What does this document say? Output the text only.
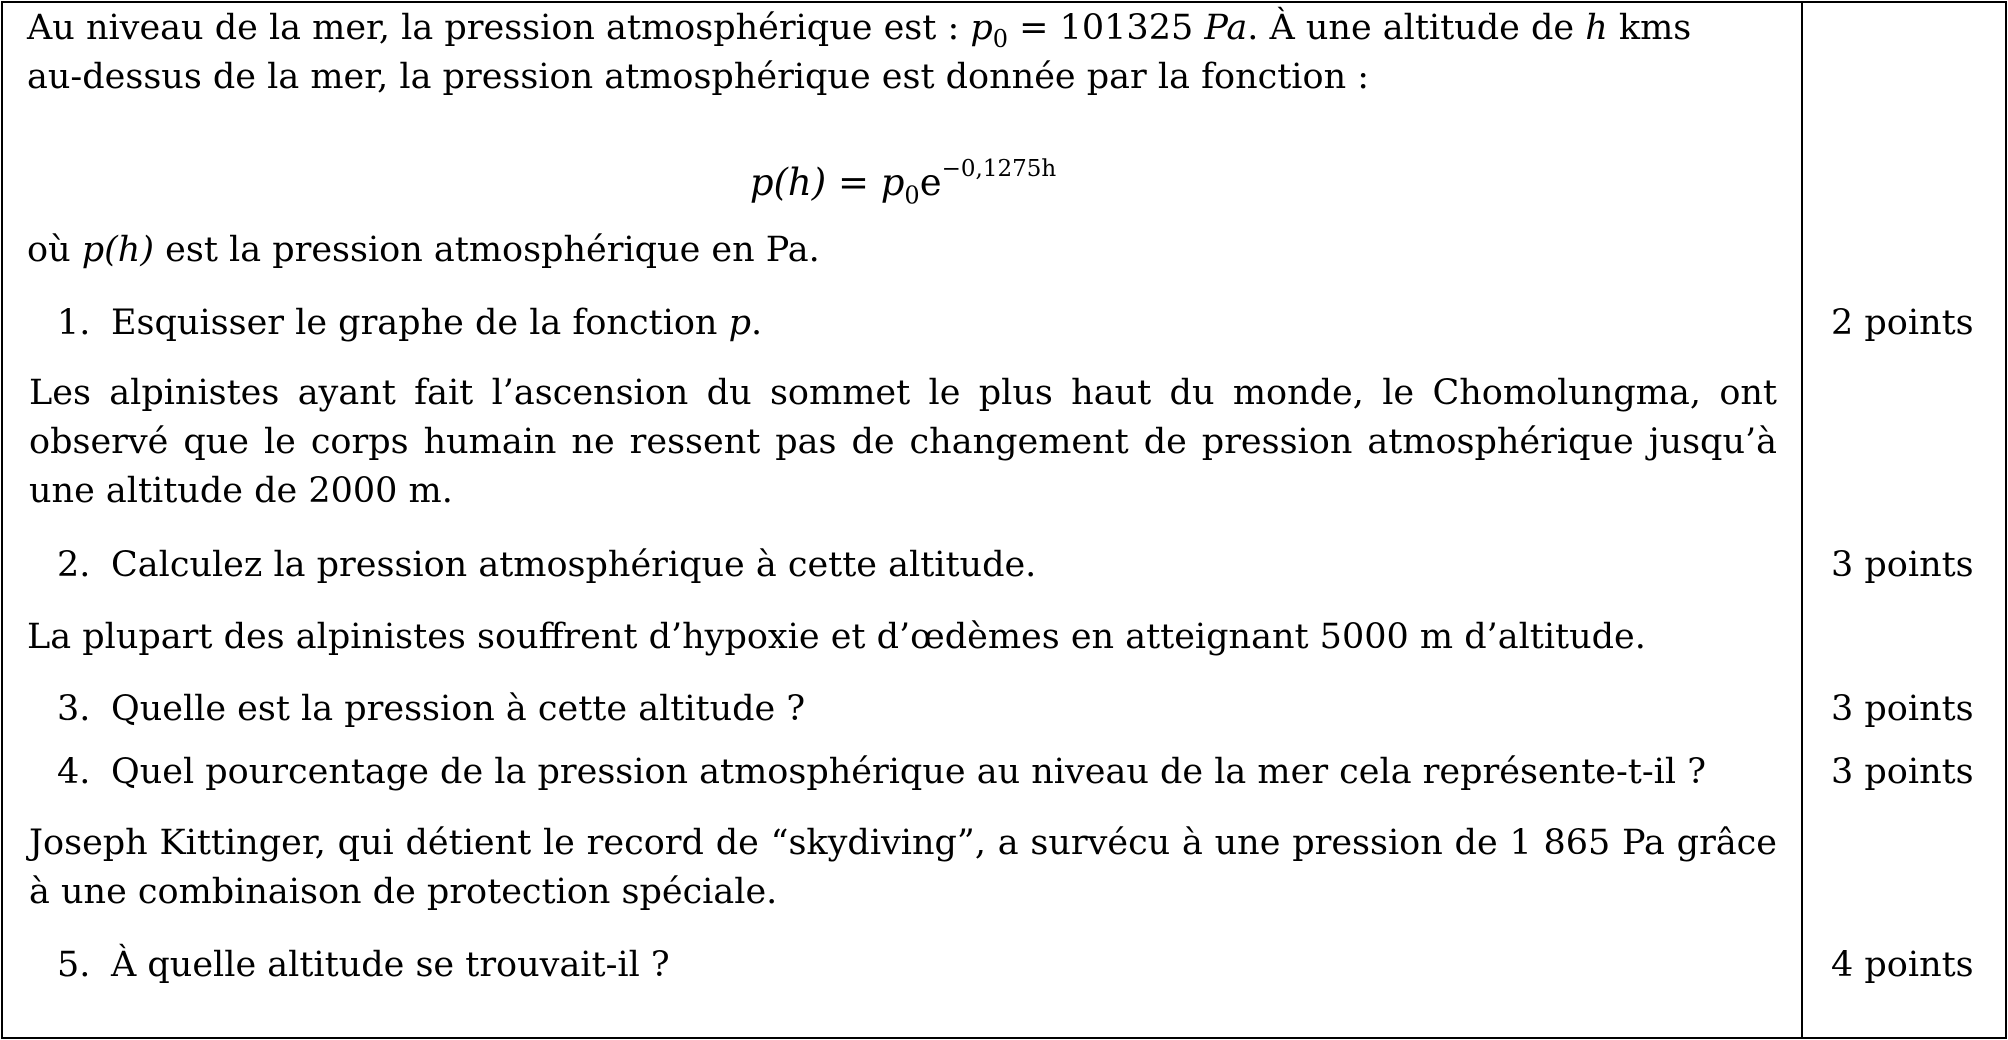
Au niveau de la mer, la pression atmosphérique est : $p_0 = 101325$ Pa. À une altitude de h kms
au-dessus de la mer, la pression atmosphérique est donnée par la fonction :
$p(h) = p_0e^{-0,1275h}$
où p(h) est la pression atmosphérique en Pa.
1. Esquisser le graphe de la fonction p.	2 points
Les alpinistes ayant fait l’ascension du sommet le plus haut du monde, le Chomolungma, ont observé que le corps humain ne ressent pas de changement de pression atmosphérique jusqu’à une altitude de 2000 m.
2. Calculez la pression atmosphérique à cette altitude.	3 points
La plupart des alpinistes souffrent d’hypoxie et d’œdèmes en atteignant 5000 m d’altitude.
3. Quelle est la pression à cette altitude ?	3 points
4. Quel pourcentage de la pression atmosphérique au niveau de la mer cela représente-t-il ?	3 points
Joseph Kittinger, qui détient le record de “skydiving”, a survécu à une pression de 1 865 Pa grâce à une combinaison de protection spéciale.
5. À quelle altitude se trouvait-il ?	4 points
